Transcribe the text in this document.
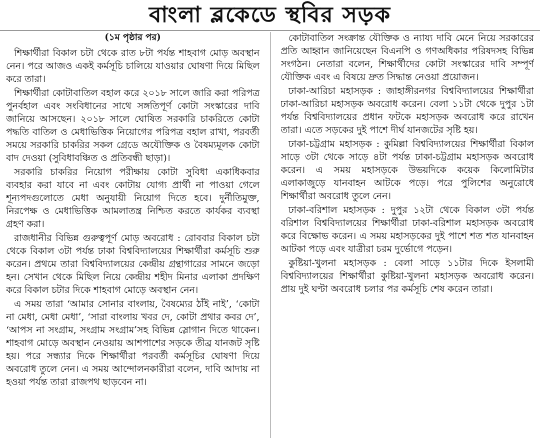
বাংলা ব্লকেডে স্থবির সড়ক
(১ম পৃষ্ঠার পর)

শিক্ষার্থীরা বিকাল চটা থেকে রাত ৮টা পর্যন্ত শাহবাগ মোড় অবস্থান নেন। পরে আজও একই কর্মসূচি চালিয়ে যাওয়ার ঘোষণা দিয়ে মিছিল করে তারা।

শিক্ষার্থীরা কোটাবাতিল বহাল করে ২০১৮ সালে জারি করা পরিপত্র পুনর্বহাল এবং সংবিধানের সাথে সঙ্গতিপূর্ণ কোটা সংস্কারের দাবি জানিয়ে আসছেন। ২০১৮ সালে ঘোষিত সরকারি চাকরিতে কোটা পদ্ধতি বাতিল ও মেধাভিত্তিক নিয়োগের পরিপত্র বহাল রাখা, পরবর্তী সময়ে সরকারি চাকরির সকল গ্রেডে অযৌক্তিক ও বৈষম্যমূলক কোটা বাদ দেওয়া (সুবিধাবঞ্চিত ও প্রতিবন্ধী ছাড়া)।

সরকারি চাকরির নিয়োগ পরীক্ষায় কোটা সুবিধা একাধিকবার ব্যবহার করা যাবে না এবং কোটায় যোগ্য প্রার্থী না পাওয়া গেলে শূন্যপদগুলোতে মেধা অনুযায়ী নিয়োগ দিতে হবে। দুর্নীতিমুক্ত, নিরপেক্ষ ও মেধাভিত্তিক আমলাতন্ত্র নিশ্চিত করতে কার্যকর ব্যবস্থা গ্রহণ করা।

রাজধানীর বিভিন্ন গুরুত্বপূর্ণ মোড় অবরোধ : রোববার বিকাল চটা থেকে বিকাল ৩টা পর্যন্ত ঢাকা বিশ্ববিদ্যালয়ের শিক্ষার্থীরা কর্মসূচি শুরু করেন। প্রথমে তারা বিশ্ববিদ্যালয়ের কেন্দ্রীয় গ্রন্থাগারের সামনে জড়ো হন। সেখান থেকে মিছিল নিয়ে কেন্দ্রীয় শহীদ মিনার এলাকা প্রদক্ষিণ করে বিকাল চটার দিকে শাহবাগ মোড়ে অবস্থান নেন।

এ সময় তারা ‘আমার সোনার বাংলায়, বৈষম্যের ঠাঁই নাই’, ‘কোটা না মেধা, মেধা মেধা’, ‘সারা বাংলায় খবর দে, কোটা প্রথার কবর দে’, ‘আপস না সংগ্রাম, সংগ্রাম সংগ্রাম’সহ বিভিন্ন স্লোগান দিতে থাকেন। শাহবাগ মোড়ে অবস্থান নেওয়ায় আশপাশের সড়কে তীব্র যানজট সৃষ্টি হয়। পরে সন্ধ্যার দিকে শিক্ষার্থীরা পরবর্তী কর্মসূচির ঘোষণা দিয়ে অবরোধ তুলে নেন। এ সময় আন্দোলনকারীরা বলেন, দাবি আদায় না হওয়া পর্যন্ত তারা রাজপথ ছাড়বেন না।

কোটাবাতিল সংক্রান্ত যৌক্তিক ও ন্যায্য দাবি মেনে নিয়ে সরকারের প্রতি আহ্বান জানিয়েছেন বিএনপি ও গণঅধিকার পরিষদসহ বিভিন্ন সংগঠন। নেতারা বলেন, শিক্ষার্থীদের কোটা সংস্কারের দাবি সম্পূর্ণ যৌক্তিক এবং এ বিষয়ে দ্রুত সিদ্ধান্ত নেওয়া প্রয়োজন।

ঢাকা-আরিচা মহাসড়ক : জাহাঙ্গীরনগর বিশ্ববিদ্যালয়ের শিক্ষার্থীরা ঢাকা-আরিচা মহাসড়ক অবরোধ করেন। বেলা ১১টা থেকে দুপুর ১টা পর্যন্ত বিশ্ববিদ্যালয়ের প্রধান ফটকে মহাসড়ক অবরোধ করে রাখেন তারা। এতে সড়কের দুই পাশে দীর্ঘ যানজটের সৃষ্টি হয়।

ঢাকা-চট্টগ্রাম মহাসড়ক : কুমিল্লা বিশ্ববিদ্যালয়ের শিক্ষার্থীরা বিকাল সাড়ে ৩টা থেকে সাড়ে ৪টা পর্যন্ত ঢাকা-চট্টগ্রাম মহাসড়ক অবরোধ করেন। এ সময় মহাসড়কে উভয়দিকে কয়েক কিলোমিটার এলাকাজুড়ে যানবাহন আটকে পড়ে। পরে পুলিশের অনুরোধে শিক্ষার্থীরা অবরোধ তুলে নেন।

ঢাকা-বরিশাল মহাসড়ক : দুপুর ১২টা থেকে বিকাল ৩টা পর্যন্ত বরিশাল বিশ্ববিদ্যালয়ের শিক্ষার্থীরা ঢাকা-বরিশাল মহাসড়ক অবরোধ করে বিক্ষোভ করেন। এ সময় মহাসড়কের দুই পাশে শত শত যানবাহন আটকা পড়ে এবং যাত্রীরা চরম দুর্ভোগে পড়েন।

কুষ্টিয়া-খুলনা মহাসড়ক : বেলা সাড়ে ১১টার দিকে ইসলামী বিশ্ববিদ্যালয়ের শিক্ষার্থীরা কুষ্টিয়া-খুলনা মহাসড়ক অবরোধ করেন। প্রায় দুই ঘণ্টা অবরোধ চলার পর কর্মসূচি শেষ করেন তারা।
